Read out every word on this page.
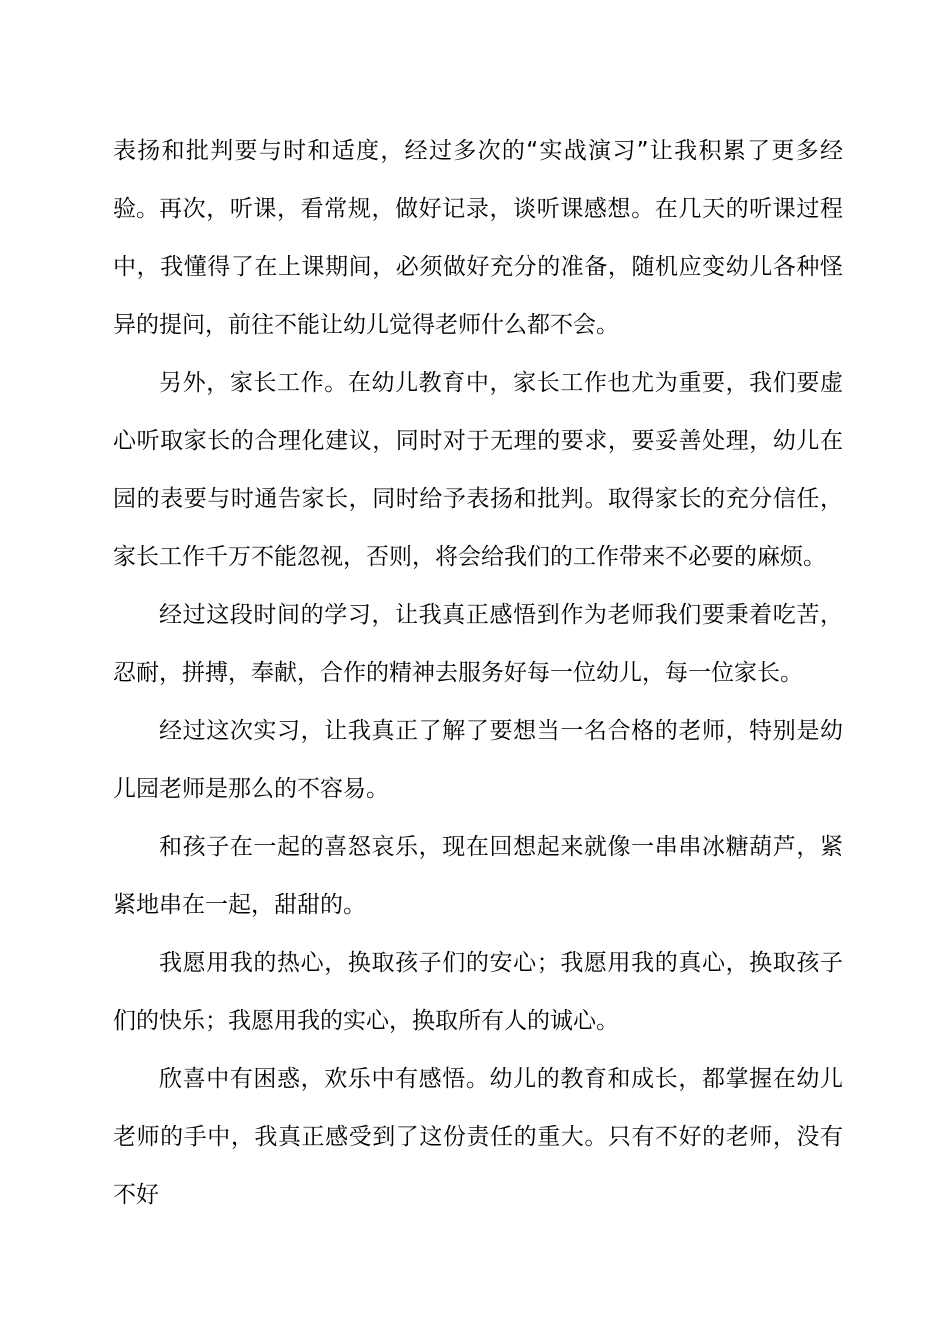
表扬和批判要与时和适度，经过多次的“实战演习”让我积累了更多经验。 再次，听课，看常规，做好记录，谈听课感想。在几天的听课过程中，我懂得了在上课期间，必须做好充分的准备，随机应变幼儿各种怪异的提问，前往不能让幼儿觉得老师什么都不会。

另外，家长工作。在幼儿教育中，家长工作也尤为重要，我们要虚心听取家长的合理化建议，同时对于无理的要求，要妥善处理，幼儿在园的表要与时通告家长，同时给予表扬和批判。取得家长的充分信任，家长工作千万不能忽视，否则，将会给我们的工作带来不必要的麻烦。

经过这段时间的学习，让我真正感悟到作为老师我们要秉着吃苦，忍耐，拼搏，奉献，合作的精神去服务好每一位幼儿，每一位家长。

经过这次实习，让我真正了解了要想当一名合格的老师，特别是幼儿园老师是那么的不容易。

和孩子在一起的喜怒哀乐，现在回想起来就像一串串冰糖葫芦，紧紧地串在一起，甜甜的。

我愿用我的热心，换取孩子们的安心；我愿用我的真心，换取孩子们的快乐；我愿用我的实心，换取所有人的诚心。

欣喜中有困惑，欢乐中有感悟。幼儿的教育和成长，都掌握在幼儿老师的手中，我真正感受到了这份责任的重大。只有不好的老师，没有不好
